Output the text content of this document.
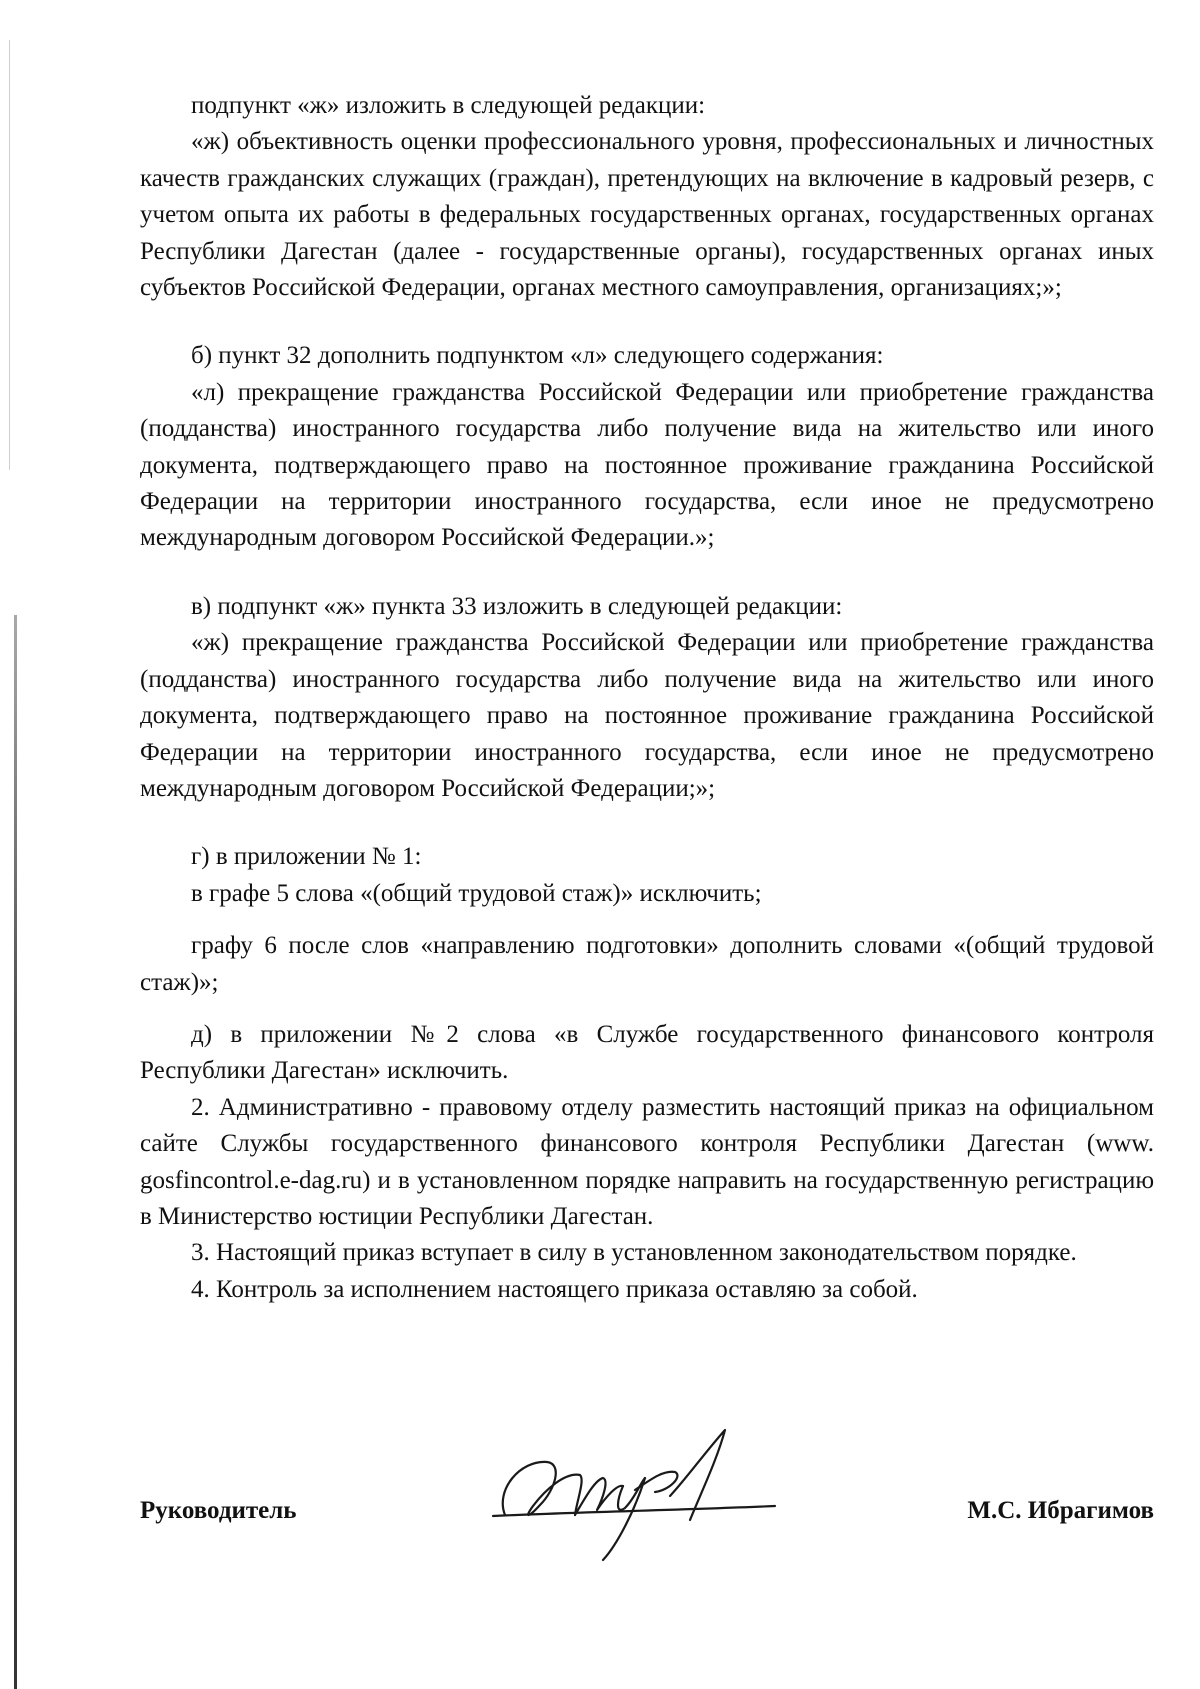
подпункт «ж» изложить в следующей редакции:

«ж) объективность оценки профессионального уровня, профессиональных и личностных качеств гражданских служащих (граждан), претендующих на включение в кадровый резерв, с учетом опыта их работы в федеральных государственных органах, государственных органах Республики Дагестан (далее - государственные органы), государственных органах иных субъектов Российской Федерации, органах местного самоуправления, организациях;»;

б) пункт 32 дополнить подпунктом «л» следующего содержания:

«л) прекращение гражданства Российской Федерации или приобретение гражданства (подданства) иностранного государства либо получение вида на жительство или иного документа, подтверждающего право на постоянное проживание гражданина Российской Федерации на территории иностранного государства, если иное не предусмотрено международным договором Российской Федерации.»;

в) подпункт «ж» пункта 33 изложить в следующей редакции:

«ж) прекращение гражданства Российской Федерации или приобретение гражданства (подданства) иностранного государства либо получение вида на жительство или иного документа, подтверждающего право на постоянное проживание гражданина Российской Федерации на территории иностранного государства, если иное не предусмотрено международным договором Российской Федерации;»;

г) в приложении № 1:

в графе 5 слова «(общий трудовой стаж)» исключить;

графу 6 после слов «направлению подготовки» дополнить словами «(общий трудовой стаж)»;

д) в приложении №2 слова «в Службе государственного финансового контроля Республики Дагестан» исключить.

2. Административно - правовому отделу разместить настоящий приказ на официальном сайте Службы государственного финансового контроля Республики Дагестан (www. gosfincontrol.e-dag.ru) и в установленном порядке направить на государственную регистрацию в Министерство юстиции Республики Дагестан.

3. Настоящий приказ вступает в силу в установленном законодательством порядке.

4. Контроль за исполнением настоящего приказа оставляю за собой.

Руководитель	М.С. Ибрагимов
